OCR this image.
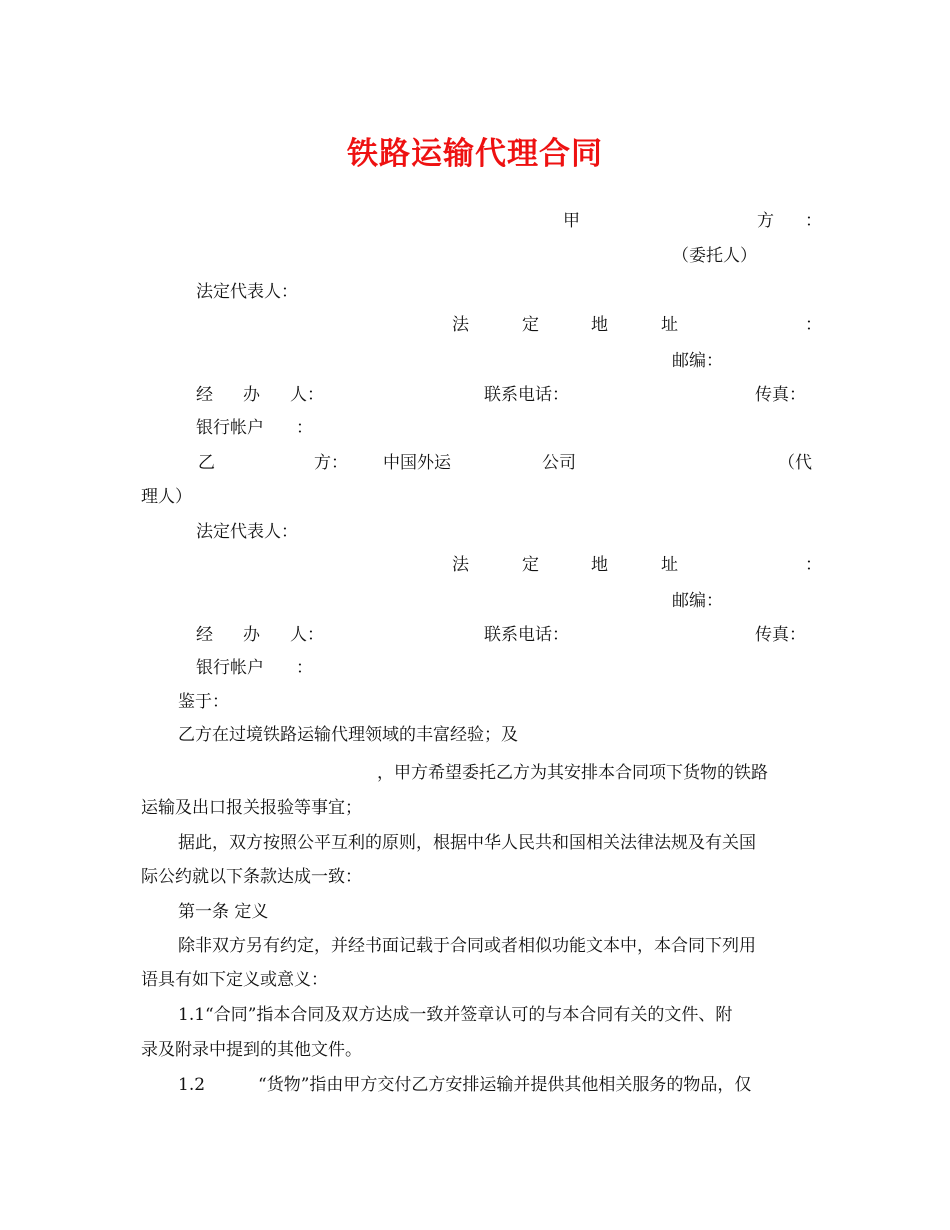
铁路运输代理合同
甲	方 ：
（委托人）
法定代表人：
法	定	地	址	：
邮编：
经 办 人：	联系电话：	传真：
银行帐户 ：
乙	方： 中国外运	公司	（代
理人）
法定代表人：
法	定	地	址	：
邮编：
经 办 人：	联系电话：	传真：
银行帐户 ：
鉴于：
乙方在过境铁路运输代理领域的丰富经验；及
，甲方希望委托乙方为其安排本合同项下货物的铁路
运输及出口报关报验等事宜；
据此，双方按照公平互利的原则，根据中华人民共和国相关法律法规及有关国
际公约就以下条款达成一致：
第一条 定义
除非双方另有约定，并经书面记载于合同或者相似功能文本中，本合同下列用
语具有如下定义或意义：
1.1“合同”指本合同及双方达成一致并签章认可的与本合同有关的文件、附
录及附录中提到的其他文件。
1.2	“货物”指由甲方交付乙方安排运输并提供其他相关服务的物品，仅
